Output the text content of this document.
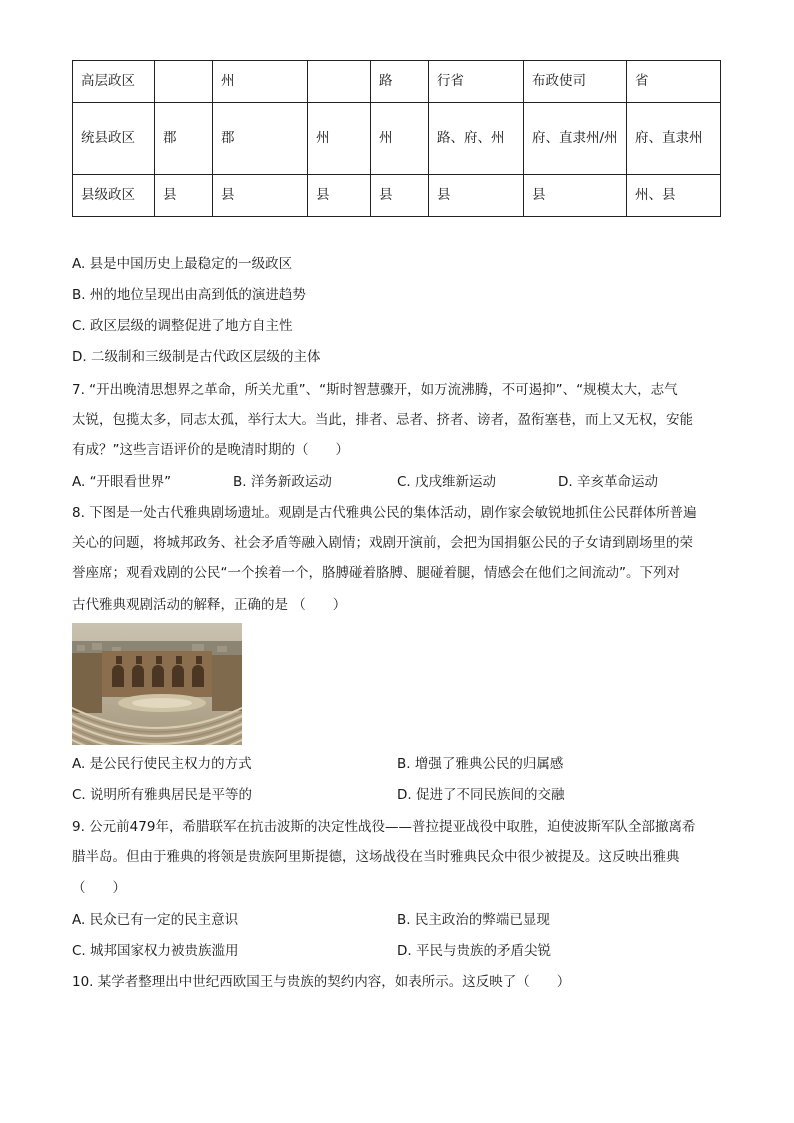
高层政区		州		路	行省	布政使司	省
统县政区	郡	郡	州	州	路、府、州	府、直隶州/州	府、直隶州
县级政区	县	县	县	县	县	县	州、县
A. 县是中国历史上最稳定的一级政区
B. 州的地位呈现出由高到低的演进趋势
C. 政区层级的调整促进了地方自主性
D. 二级制和三级制是古代政区层级的主体
7. “开出晚清思想界之革命，所关尤重”、“斯时智慧骤开，如万流沸腾，不可遏抑”、“规模太大，志气
太锐，包揽太多，同志太孤，举行太大。当此，排者、忌者、挤者、谤者，盈衔塞巷，而上又无权，安能
有成？”这些言语评价的是晚清时期的（　　）
A. “开眼看世界”	B. 洋务新政运动	C. 戊戌维新运动	D. 辛亥革命运动
8. 下图是一处古代雅典剧场遗址。观剧是古代雅典公民的集体活动，剧作家会敏锐地抓住公民群体所普遍
关心的问题，将城邦政务、社会矛盾等融入剧情；戏剧开演前，会把为国捐躯公民的子女请到剧场里的荣
誉座席；观看戏剧的公民“一个挨着一个，胳膊碰着胳膊、腿碰着腿，情感会在他们之间流动”。下列对
古代雅典观剧活动的解释，正确的是 （　　）
A. 是公民行使民主权力的方式	B. 增强了雅典公民的归属感
C. 说明所有雅典居民是平等的	D. 促进了不同民族间的交融
9. 公元前479年，希腊联军在抗击波斯的决定性战役——普拉提亚战役中取胜，迫使波斯军队全部撤离希
腊半岛。但由于雅典的将领是贵族阿里斯提德，这场战役在当时雅典民众中很少被提及。这反映出雅典
（　　）
A. 民众已有一定的民主意识	B. 民主政治的弊端已显现
C. 城邦国家权力被贵族滥用	D. 平民与贵族的矛盾尖锐
10. 某学者整理出中世纪西欧国王与贵族的契约内容，如表所示。这反映了（　　）
